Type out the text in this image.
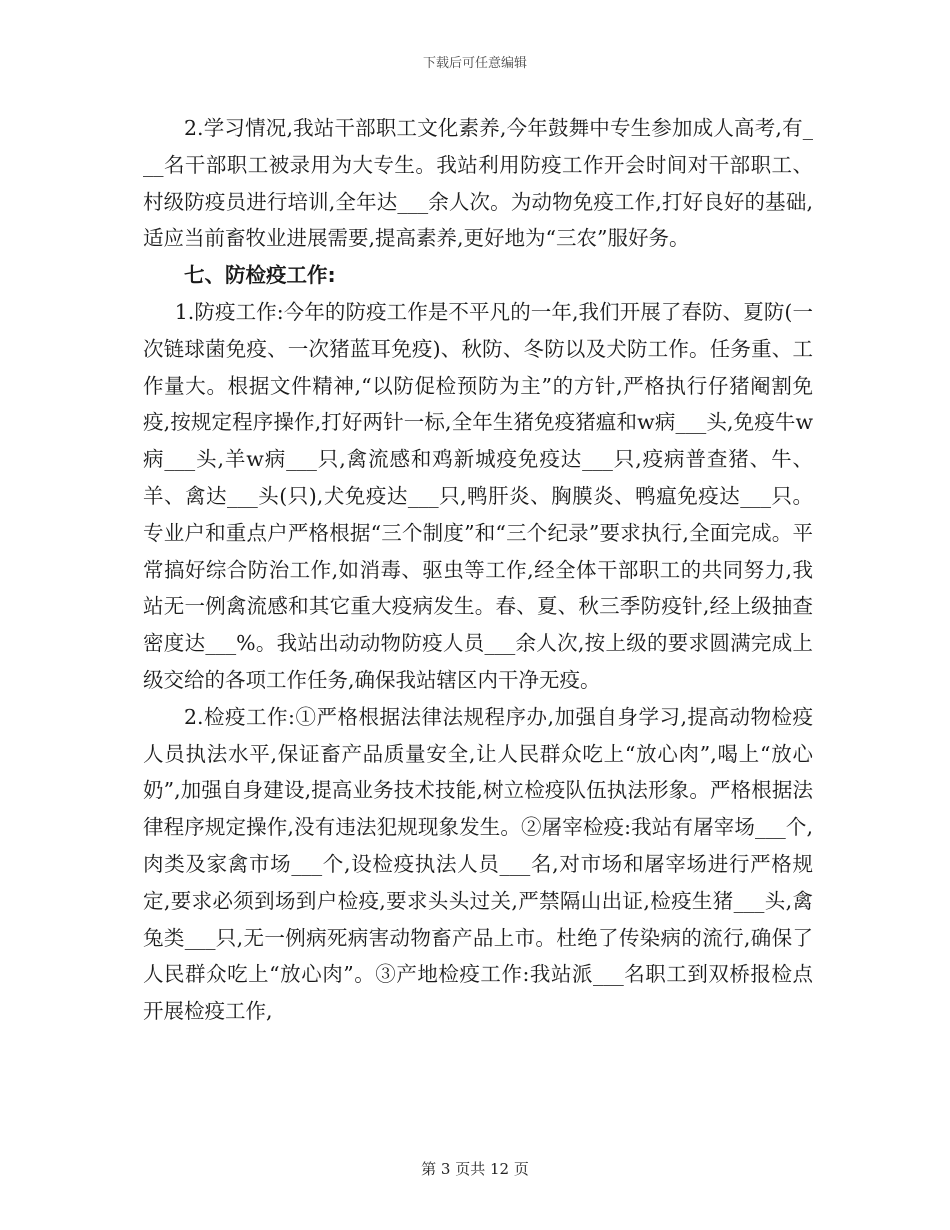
下载后可任意编辑

2.学习情况,我站干部职工文化素养,今年鼓舞中专生参加成人高考,有___名干部职工被录用为大专生。我站利用防疫工作开会时间对干部职工、村级防疫员进行培训,全年达___余人次。为动物免疫工作,打好良好的基础,适应当前畜牧业进展需要,提高素养,更好地为“三农”服好务。

七、防检疫工作:

1.防疫工作:今年的防疫工作是不平凡的一年,我们开展了春防、夏防(一次链球菌免疫、一次猪蓝耳免疫)、秋防、冬防以及犬防工作。任务重、工作量大。根据文件精神,“以防促检预防为主”的方针,严格执行仔猪阉割免疫,按规定程序操作,打好两针一标,全年生猪免疫猪瘟和w病___头,免疫牛w病___头,羊w病___只,禽流感和鸡新城疫免疫达___只,疫病普查猪、牛、羊、禽达___头(只),犬免疫达___只,鸭肝炎、胸膜炎、鸭瘟免疫达___只。专业户和重点户严格根据“三个制度”和“三个纪录”要求执行,全面完成。平常搞好综合防治工作,如消毒、驱虫等工作,经全体干部职工的共同努力,我站无一例禽流感和其它重大疫病发生。春、夏、秋三季防疫针,经上级抽查密度达___%。我站出动动物防疫人员___余人次,按上级的要求圆满完成上级交给的各项工作任务,确保我站辖区内干净无疫。

2.检疫工作:①严格根据法律法规程序办,加强自身学习,提高动物检疫人员执法水平,保证畜产品质量安全,让人民群众吃上“放心肉”,喝上“放心奶”,加强自身建设,提高业务技术技能,树立检疫队伍执法形象。严格根据法律程序规定操作,没有违法犯规现象发生。②屠宰检疫:我站有屠宰场___个,肉类及家禽市场___个,设检疫执法人员___名,对市场和屠宰场进行严格规定,要求必须到场到户检疫,要求头头过关,严禁隔山出证,检疫生猪___头,禽兔类___只,无一例病死病害动物畜产品上市。杜绝了传染病的流行,确保了人民群众吃上“放心肉”。③产地检疫工作:我站派___名职工到双桥报检点开展检疫工作,

第 3 页共 12 页
